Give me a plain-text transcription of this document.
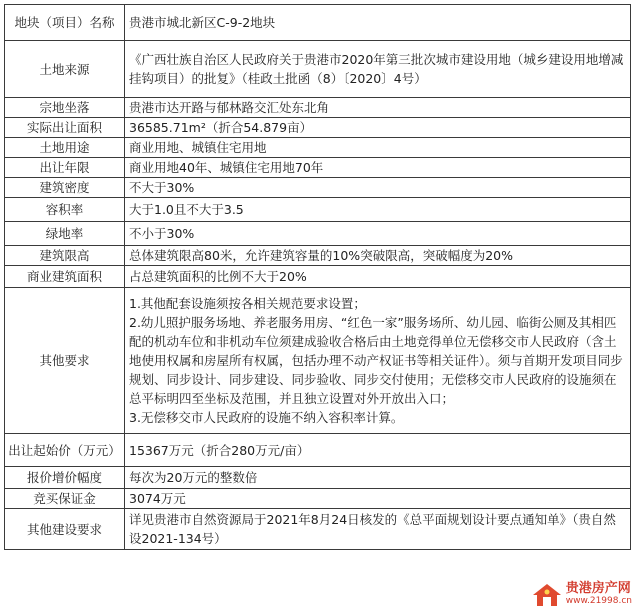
地块（项目）名称	贵港市城北新区C-9-2地块
土地来源	《广西壮族自治区人民政府关于贵港市2020年第三批次城市建设用地（城乡建设用地增减挂钩项目）的批复》（桂政土批函（8）〔2020〕4号）
宗地坐落	贵港市达开路与郁林路交汇处东北角
实际出让面积	36585.71m²（折合54.879亩）
土地用途	商业用地、城镇住宅用地
出让年限	商业用地40年、城镇住宅用地70年
建筑密度	不大于30%
容积率	大于1.0且不大于3.5
绿地率	不小于30%
建筑限高	总体建筑限高80米，允许建筑容量的10%突破限高，突破幅度为20%
商业建筑面积	占总建筑面积的比例不大于20%
其他要求	1.其他配套设施须按各相关规范要求设置；
2.幼儿照护服务场地、养老服务用房、“红色一家”服务场所、幼儿园、临街公厕及其相匹配的机动车位和非机动车位须建成验收合格后由土地竞得单位无偿移交市人民政府（含土地使用权属和房屋所有权属，包括办理不动产权证书等相关证件）。须与首期开发项目同步规划、同步设计、同步建设、同步验收、同步交付使用；无偿移交市人民政府的设施须在总平标明四至坐标及范围，并且独立设置对外开放出入口；
3.无偿移交市人民政府的设施不纳入容积率计算。
出让起始价（万元）	15367万元（折合280万元/亩）
报价增价幅度	每次为20万元的整数倍
竞买保证金	3074万元
其他建设要求	详见贵港市自然资源局于2021年8月24日核发的《总平面规划设计要点通知单》（贵自然设2021-134号）
贵港房产网
www.21998.cn
